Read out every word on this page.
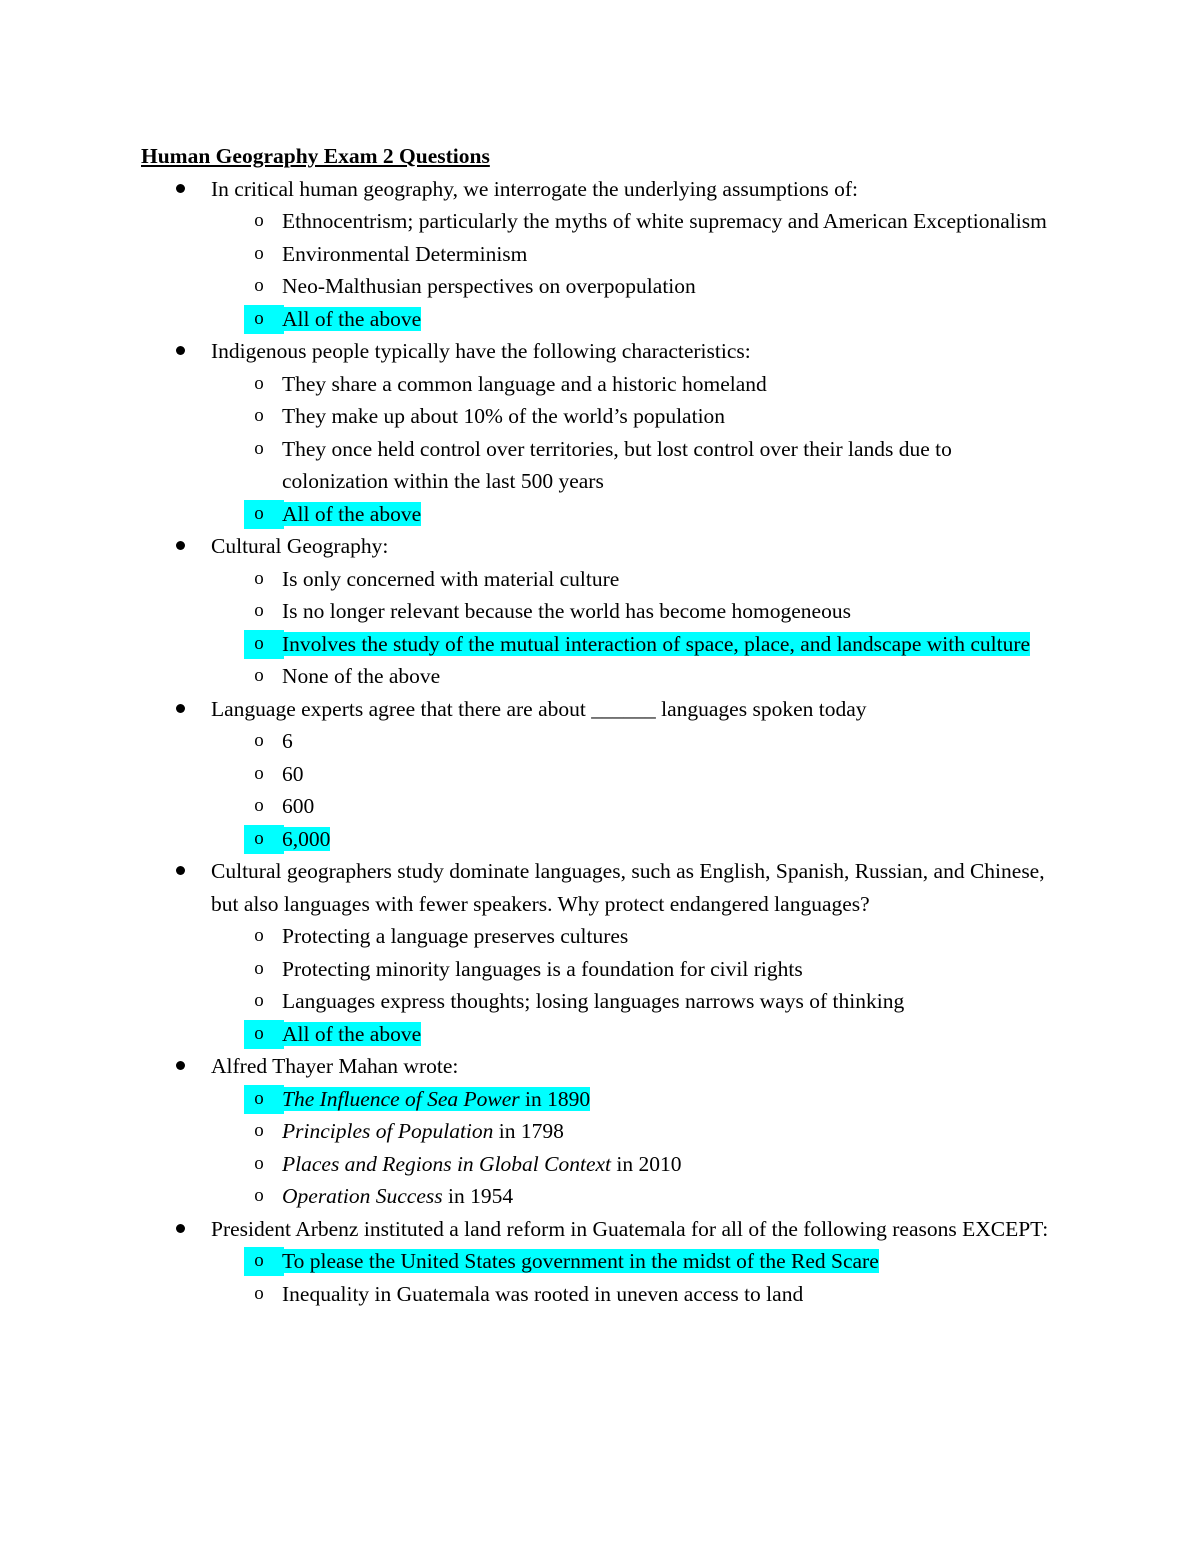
Human Geography Exam 2 Questions

In critical human geography, we interrogate the underlying assumptions of:
o Ethnocentrism; particularly the myths of white supremacy and American Exceptionalism
o Environmental Determinism
o Neo-Malthusian perspectives on overpopulation
o All of the above
Indigenous people typically have the following characteristics:
o They share a common language and a historic homeland
o They make up about 10% of the world’s population
o They once held control over territories, but lost control over their lands due to colonization within the last 500 years
o All of the above
Cultural Geography:
o Is only concerned with material culture
o Is no longer relevant because the world has become homogeneous
o Involves the study of the mutual interaction of space, place, and landscape with culture
o None of the above
Language experts agree that there are about ______ languages spoken today
o 6
o 60
o 600
o 6,000
Cultural geographers study dominate languages, such as English, Spanish, Russian, and Chinese, but also languages with fewer speakers. Why protect endangered languages?
o Protecting a language preserves cultures
o Protecting minority languages is a foundation for civil rights
o Languages express thoughts; losing languages narrows ways of thinking
o All of the above
Alfred Thayer Mahan wrote:
o The Influence of Sea Power in 1890
o Principles of Population in 1798
o Places and Regions in Global Context in 2010
o Operation Success in 1954
President Arbenz instituted a land reform in Guatemala for all of the following reasons EXCEPT:
o To please the United States government in the midst of the Red Scare
o Inequality in Guatemala was rooted in uneven access to land
